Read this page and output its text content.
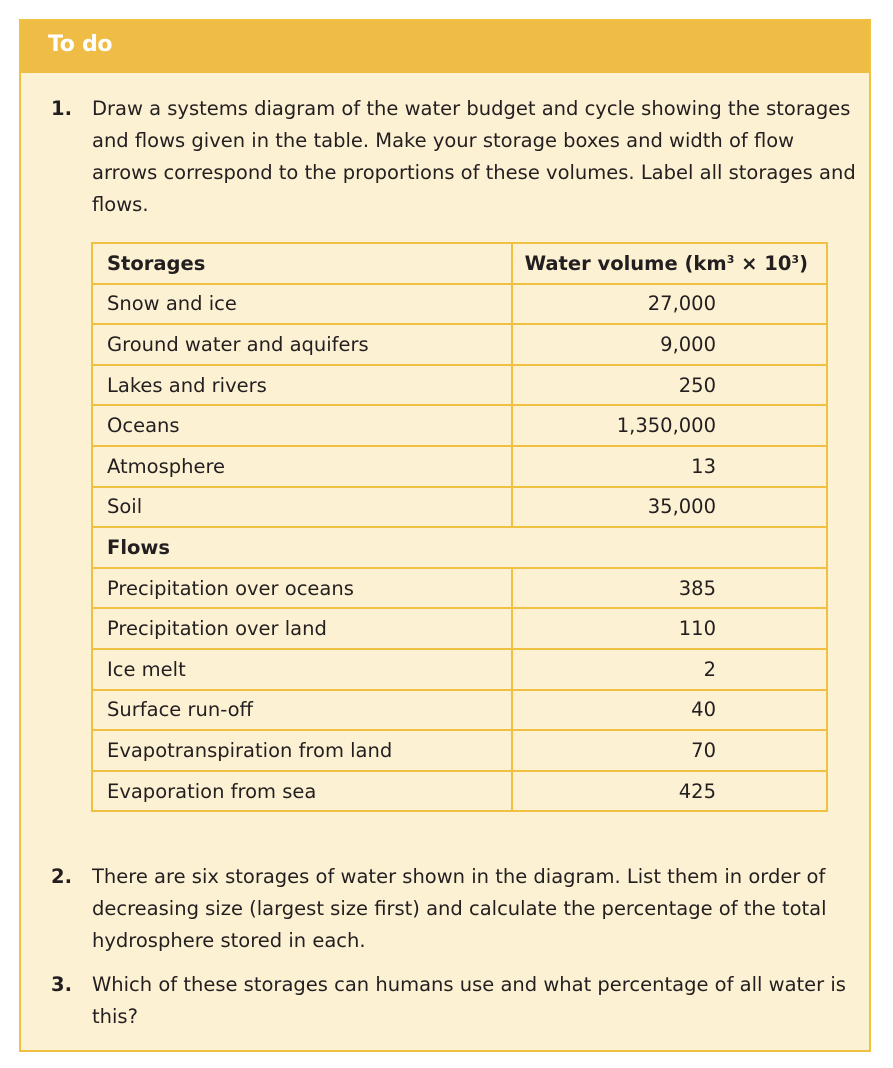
To do
1. Draw a systems diagram of the water budget and cycle showing the storages and flows given in the table. Make your storage boxes and width of flow arrows correspond to the proportions of these volumes. Label all storages and flows.
Storages	Water volume $(km^3 \times 10^3)$
Snow and ice	27,000
Ground water and aquifers	9,000
Lakes and rivers	250
Oceans	1,350,000
Atmosphere	13
Soil	35,000
Flows	
Precipitation over oceans	385
Precipitation over land	110
Ice melt	2
Surface run-off	40
Evapotranspiration from land	70
Evaporation from sea	425
2. There are six storages of water shown in the diagram. List them in order of decreasing size (largest size first) and calculate the percentage of the total hydrosphere stored in each.
3. Which of these storages can humans use and what percentage of all water is this?
